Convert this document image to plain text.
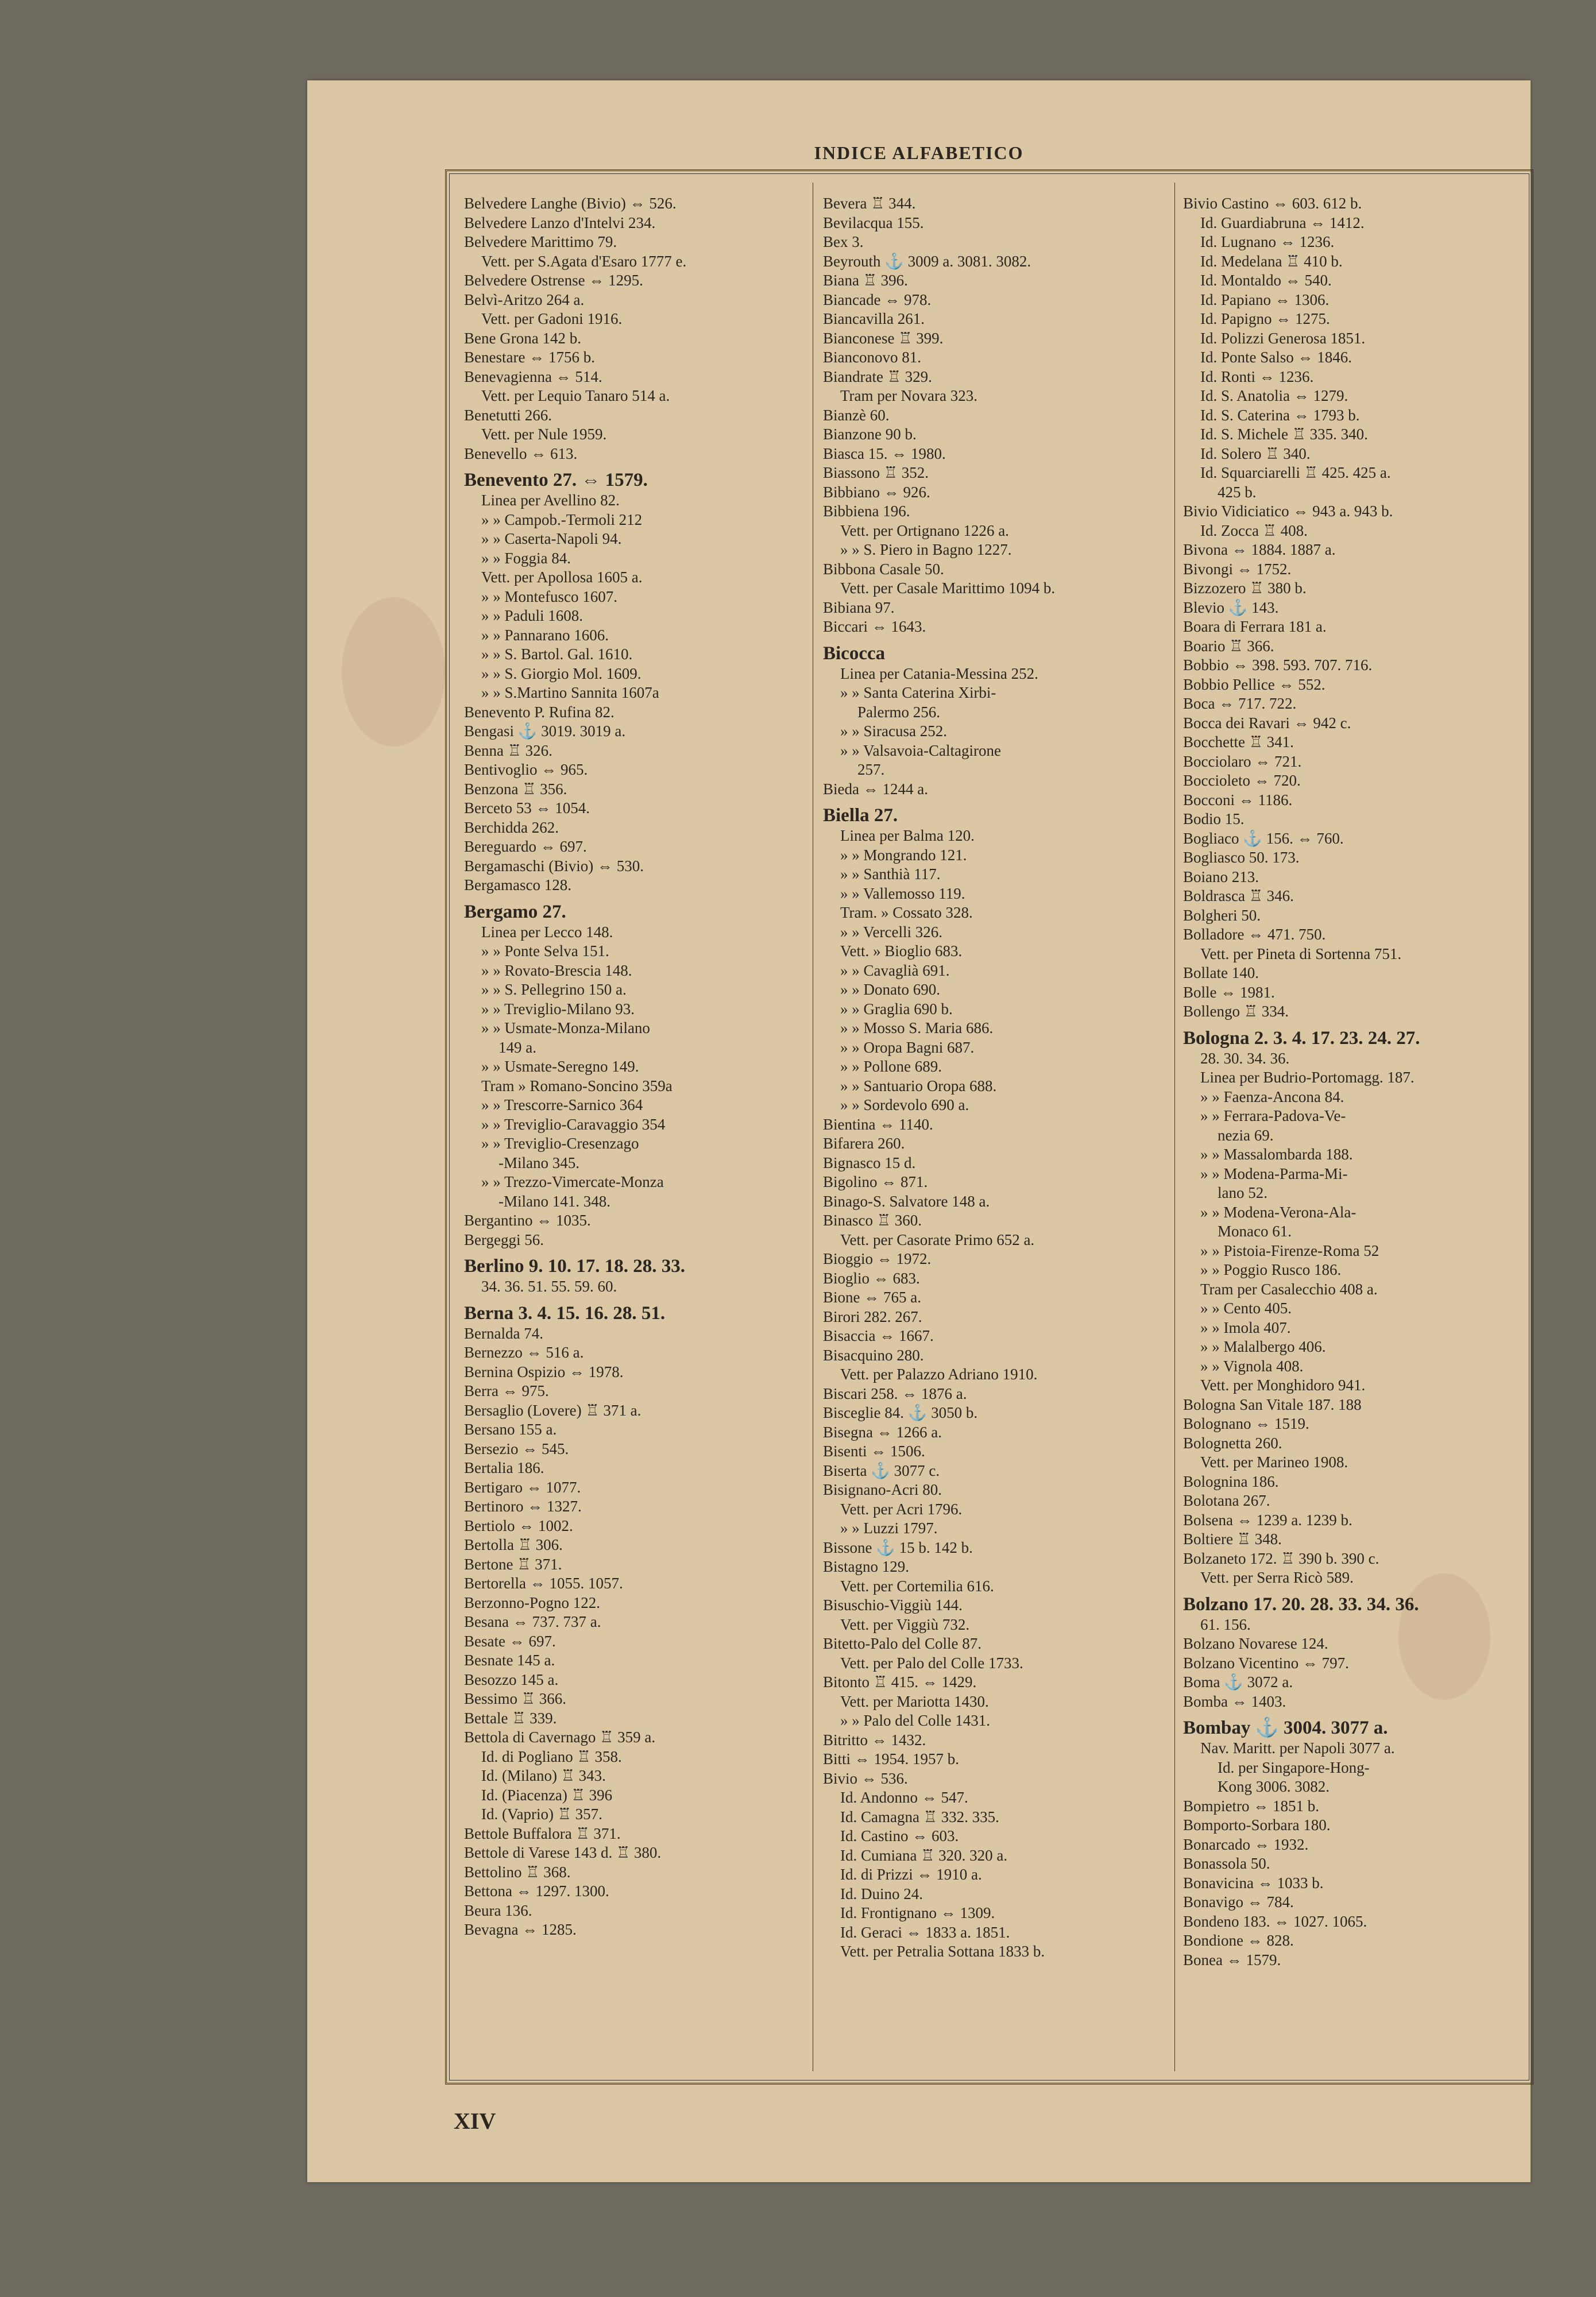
INDICE ALFABETICO
Belvedere Langhe (Bivio) ⇔ 526.
Belvedere Lanzo d'Intelvi 234.
Belvedere Marittimo 79.
Vett. per S.Agata d'Esaro 1777 e.
Belvedere Ostrense ⇔ 1295.
Belvì-Aritzo 264 a.
Vett. per Gadoni 1916.
Bene Grona 142 b.
Benestare ⇔ 1756 b.
Benevagienna ⇔ 514.
Vett. per Lequio Tanaro 514 a.
Benetutti 266.
Vett. per Nule 1959.
Benevello ⇔ 613.
Benevento 27. ⇔ 1579.
Linea per Avellino 82.
» » Campob.-Termoli 212
» » Caserta-Napoli 94.
» » Foggia 84.
Vett. per Apollosa 1605 a.
» » Montefusco 1607.
» » Paduli 1608.
» » Pannarano 1606.
» » S. Bartol. Gal. 1610.
» » S. Giorgio Mol. 1609.
» » S.Martino Sannita 1607a
Benevento P. Rufina 82.
Bengasi ⚓ 3019. 3019 a.
Benna ♖ 326.
Bentivoglio ⇔ 965.
Benzona ♖ 356.
Berceto 53 ⇔ 1054.
Berchidda 262.
Bereguardo ⇔ 697.
Bergamaschi (Bivio) ⇔ 530.
Bergamasco 128.
Bergamo 27.
Linea per Lecco 148.
» » Ponte Selva 151.
» » Rovato-Brescia 148.
» » S. Pellegrino 150 a.
» » Treviglio-Milano 93.
» » Usmate-Monza-Milano
149 a.
» » Usmate-Seregno 149.
Tram » Romano-Soncino 359a
» » Trescorre-Sarnico 364
» » Treviglio-Caravaggio 354
» » Treviglio-Cresenzago
-Milano 345.
» » Trezzo-Vimercate-Monza
-Milano 141. 348.
Bergantino ⇔ 1035.
Bergeggi 56.
Berlino 9. 10. 17. 18. 28. 33.
34. 36. 51. 55. 59. 60.
Berna 3. 4. 15. 16. 28. 51.
Bernalda 74.
Bernezzo ⇔ 516 a.
Bernina Ospizio ⇔ 1978.
Berra ⇔ 975.
Bersaglio (Lovere) ♖ 371 a.
Bersano 155 a.
Bersezio ⇔ 545.
Bertalia 186.
Bertigaro ⇔ 1077.
Bertinoro ⇔ 1327.
Bertiolo ⇔ 1002.
Bertolla ♖ 306.
Bertone ♖ 371.
Bertorella ⇔ 1055. 1057.
Berzonno-Pogno 122.
Besana ⇔ 737. 737 a.
Besate ⇔ 697.
Besnate 145 a.
Besozzo 145 a.
Bessimo ♖ 366.
Bettale ♖ 339.
Bettola di Cavernago ♖ 359 a.
Id. di Pogliano ♖ 358.
Id. (Milano) ♖ 343.
Id. (Piacenza) ♖ 396
Id. (Vaprio) ♖ 357.
Bettole Buffalora ♖ 371.
Bettole di Varese 143 d. ♖ 380.
Bettolino ♖ 368.
Bettona ⇔ 1297. 1300.
Beura 136.
Bevagna ⇔ 1285.
Bevera ♖ 344.
Bevilacqua 155.
Bex 3.
Beyrouth ⚓ 3009 a. 3081. 3082.
Biana ♖ 396.
Biancade ⇔ 978.
Biancavilla 261.
Bianconese ♖ 399.
Bianconovo 81.
Biandrate ♖ 329.
Tram per Novara 323.
Bianzè 60.
Bianzone 90 b.
Biasca 15. ⇔ 1980.
Biassono ♖ 352.
Bibbiano ⇔ 926.
Bibbiena 196.
Vett. per Ortignano 1226 a.
» » S. Piero in Bagno 1227.
Bibbona Casale 50.
Vett. per Casale Marittimo 1094 b.
Bibiana 97.
Biccari ⇔ 1643.
Bicocca
Linea per Catania-Messina 252.
» » Santa Caterina Xirbi-
Palermo 256.
» » Siracusa 252.
» » Valsavoia-Caltagirone
257.
Bieda ⇔ 1244 a.
Biella 27.
Linea per Balma 120.
» » Mongrando 121.
» » Santhià 117.
» » Vallemosso 119.
Tram. » Cossato 328.
» » Vercelli 326.
Vett. » Bioglio 683.
» » Cavaglià 691.
» » Donato 690.
» » Graglia 690 b.
» » Mosso S. Maria 686.
» » Oropa Bagni 687.
» » Pollone 689.
» » Santuario Oropa 688.
» » Sordevolo 690 a.
Bientina ⇔ 1140.
Bifarera 260.
Bignasco 15 d.
Bigolino ⇔ 871.
Binago-S. Salvatore 148 a.
Binasco ♖ 360.
Vett. per Casorate Primo 652 a.
Bioggio ⇔ 1972.
Bioglio ⇔ 683.
Bione ⇔ 765 a.
Birori 282. 267.
Bisaccia ⇔ 1667.
Bisacquino 280.
Vett. per Palazzo Adriano 1910.
Biscari 258. ⇔ 1876 a.
Bisceglie 84. ⚓ 3050 b.
Bisegna ⇔ 1266 a.
Bisenti ⇔ 1506.
Biserta ⚓ 3077 c.
Bisignano-Acri 80.
Vett. per Acri 1796.
» » Luzzi 1797.
Bissone ⚓ 15 b. 142 b.
Bistagno 129.
Vett. per Cortemilia 616.
Bisuschio-Viggiù 144.
Vett. per Viggiù 732.
Bitetto-Palo del Colle 87.
Vett. per Palo del Colle 1733.
Bitonto ♖ 415. ⇔ 1429.
Vett. per Mariotta 1430.
» » Palo del Colle 1431.
Bitritto ⇔ 1432.
Bitti ⇔ 1954. 1957 b.
Bivio ⇔ 536.
Id. Andonno ⇔ 547.
Id. Camagna ♖ 332. 335.
Id. Castino ⇔ 603.
Id. Cumiana ♖ 320. 320 a.
Id. di Prizzi ⇔ 1910 a.
Id. Duino 24.
Id. Frontignano ⇔ 1309.
Id. Geraci ⇔ 1833 a. 1851.
Vett. per Petralia Sottana 1833 b.
Bivio Castino ⇔ 603. 612 b.
Id. Guardiabruna ⇔ 1412.
Id. Lugnano ⇔ 1236.
Id. Medelana ♖ 410 b.
Id. Montaldo ⇔ 540.
Id. Papiano ⇔ 1306.
Id. Papigno ⇔ 1275.
Id. Polizzi Generosa 1851.
Id. Ponte Salso ⇔ 1846.
Id. Ronti ⇔ 1236.
Id. S. Anatolia ⇔ 1279.
Id. S. Caterina ⇔ 1793 b.
Id. S. Michele ♖ 335. 340.
Id. Solero ♖ 340.
Id. Squarciarelli ♖ 425. 425 a.
425 b.
Bivio Vidiciatico ⇔ 943 a. 943 b.
Id. Zocca ♖ 408.
Bivona ⇔ 1884. 1887 a.
Bivongi ⇔ 1752.
Bizzozero ♖ 380 b.
Blevio ⚓ 143.
Boara di Ferrara 181 a.
Boario ♖ 366.
Bobbio ⇔ 398. 593. 707. 716.
Bobbio Pellice ⇔ 552.
Boca ⇔ 717. 722.
Bocca dei Ravari ⇔ 942 c.
Bocchette ♖ 341.
Bocciolaro ⇔ 721.
Boccioleto ⇔ 720.
Bocconi ⇔ 1186.
Bodio 15.
Bogliaco ⚓ 156. ⇔ 760.
Bogliasco 50. 173.
Boiano 213.
Boldrasca ♖ 346.
Bolgheri 50.
Bolladore ⇔ 471. 750.
Vett. per Pineta di Sortenna 751.
Bollate 140.
Bolle ⇔ 1981.
Bollengo ♖ 334.
Bologna 2. 3. 4. 17. 23. 24. 27.
28. 30. 34. 36.
Linea per Budrio-Portomagg. 187.
» » Faenza-Ancona 84.
» » Ferrara-Padova-Ve-
nezia 69.
» » Massalombarda 188.
» » Modena-Parma-Mi-
lano 52.
» » Modena-Verona-Ala-
Monaco 61.
» » Pistoia-Firenze-Roma 52
» » Poggio Rusco 186.
Tram per Casalecchio 408 a.
» » Cento 405.
» » Imola 407.
» » Malalbergo 406.
» » Vignola 408.
Vett. per Monghidoro 941.
Bologna San Vitale 187. 188
Bolognano ⇔ 1519.
Bolognetta 260.
Vett. per Marineo 1908.
Bolognina 186.
Bolotana 267.
Bolsena ⇔ 1239 a. 1239 b.
Boltiere ♖ 348.
Bolzaneto 172. ♖ 390 b. 390 c.
Vett. per Serra Ricò 589.
Bolzano 17. 20. 28. 33. 34. 36.
61. 156.
Bolzano Novarese 124.
Bolzano Vicentino ⇔ 797.
Boma ⚓ 3072 a.
Bomba ⇔ 1403.
Bombay ⚓ 3004. 3077 a.
Nav. Maritt. per Napoli 3077 a.
Id. per Singapore-Hong-
Kong 3006. 3082.
Bompietro ⇔ 1851 b.
Bomporto-Sorbara 180.
Bonarcado ⇔ 1932.
Bonassola 50.
Bonavicina ⇔ 1033 b.
Bonavigo ⇔ 784.
Bondeno 183. ⇔ 1027. 1065.
Bondione ⇔ 828.
Bonea ⇔ 1579.
XIV
